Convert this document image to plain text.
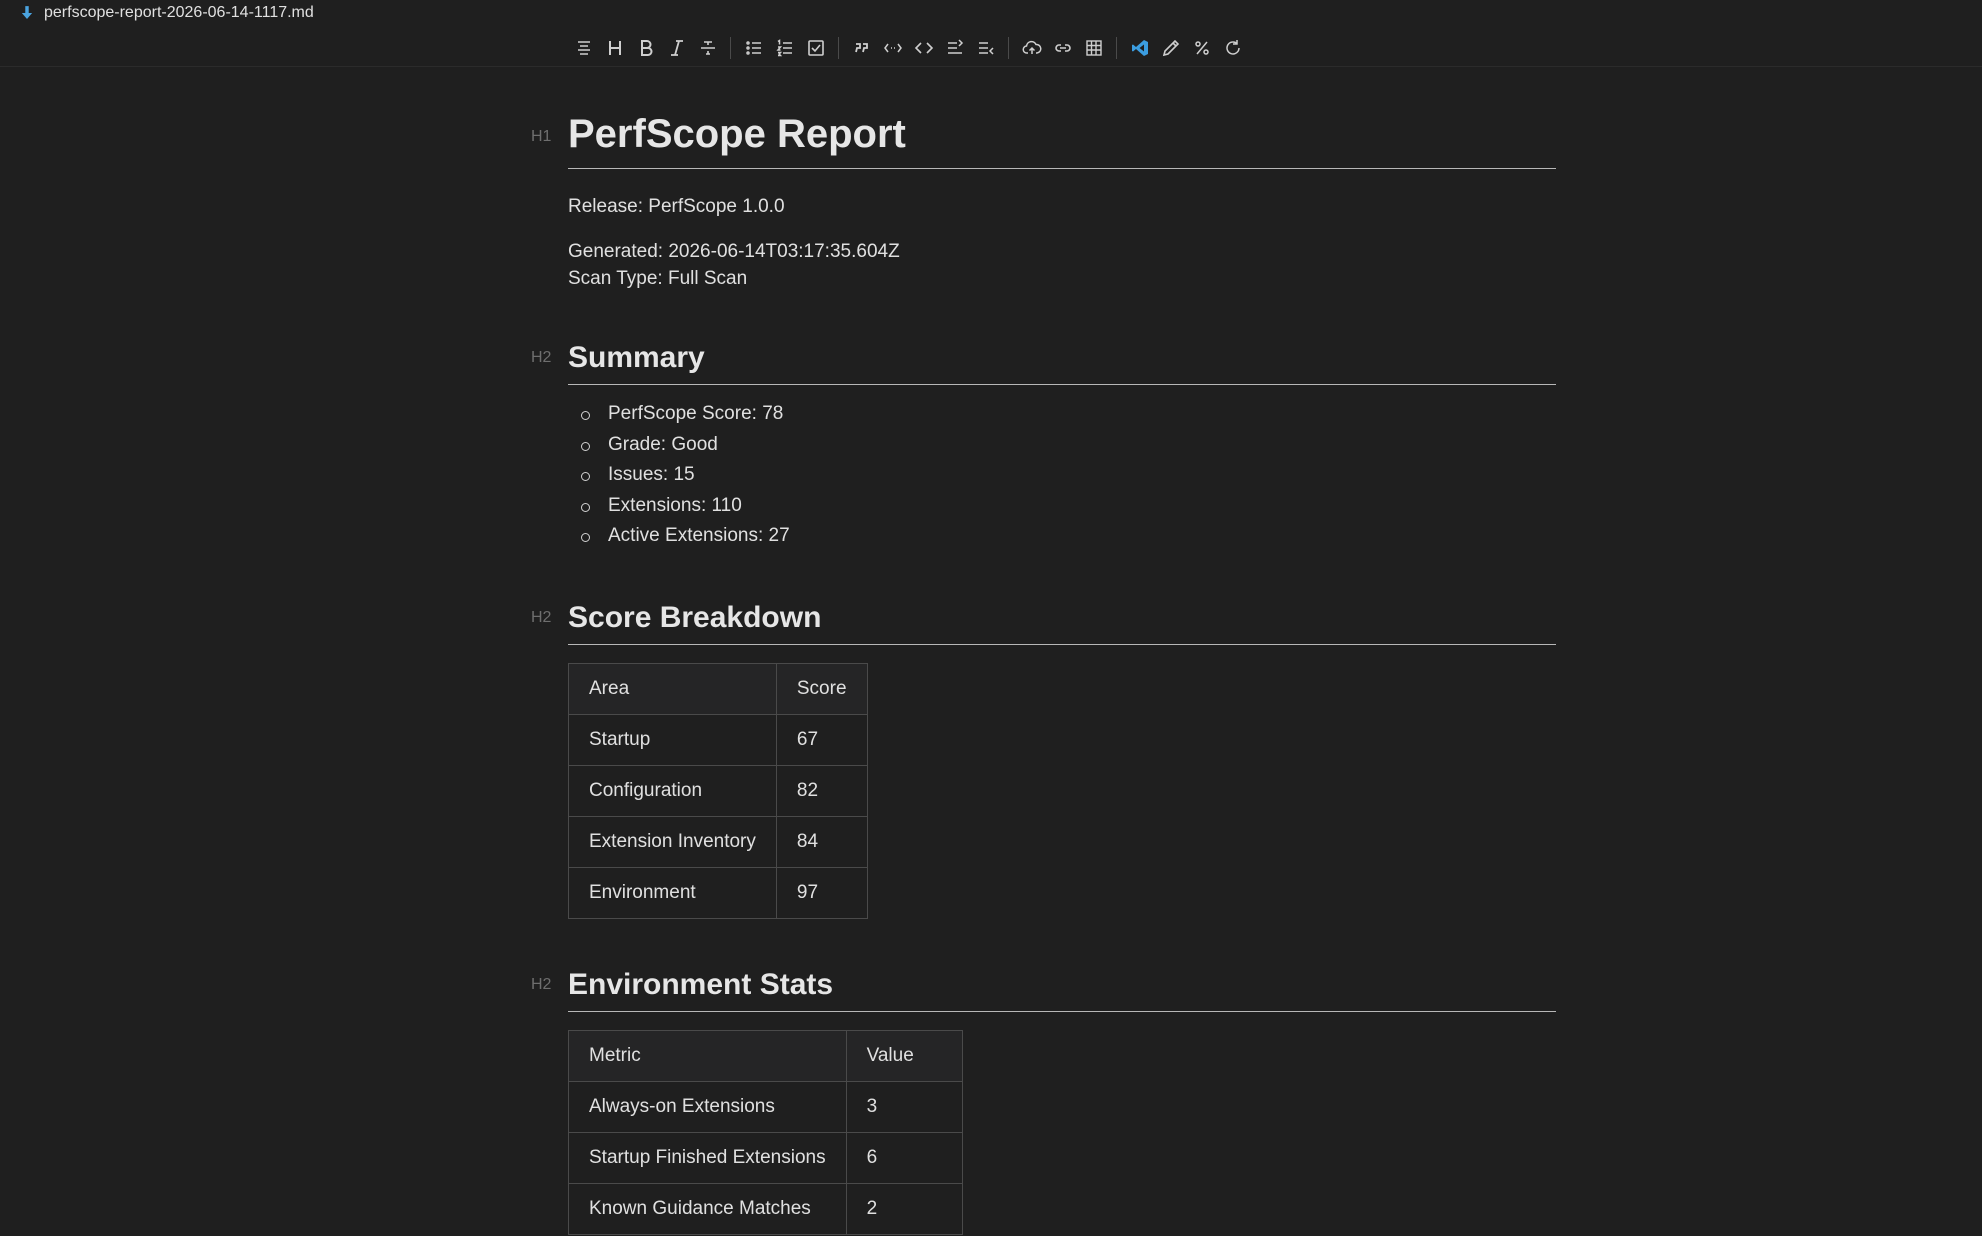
perfscope-report-2026-06-14-1117.md
H1 PerfScope Report

Release: PerfScope 1.0.0

Generated: 2026-06-14T03:17:35.604Z

Scan Type: Full Scan

H2 Summary
PerfScope Score: 78
Grade: Good
Issues: 15
Extensions: 110
Active Extensions: 27
H2 Score Breakdown
Area	Score
Startup	67
Configuration	82
Extension Inventory	84
Environment	97
H2 Environment Stats
Metric	Value
Always-on Extensions	3
Startup Finished Extensions	6
Known Guidance Matches	2
